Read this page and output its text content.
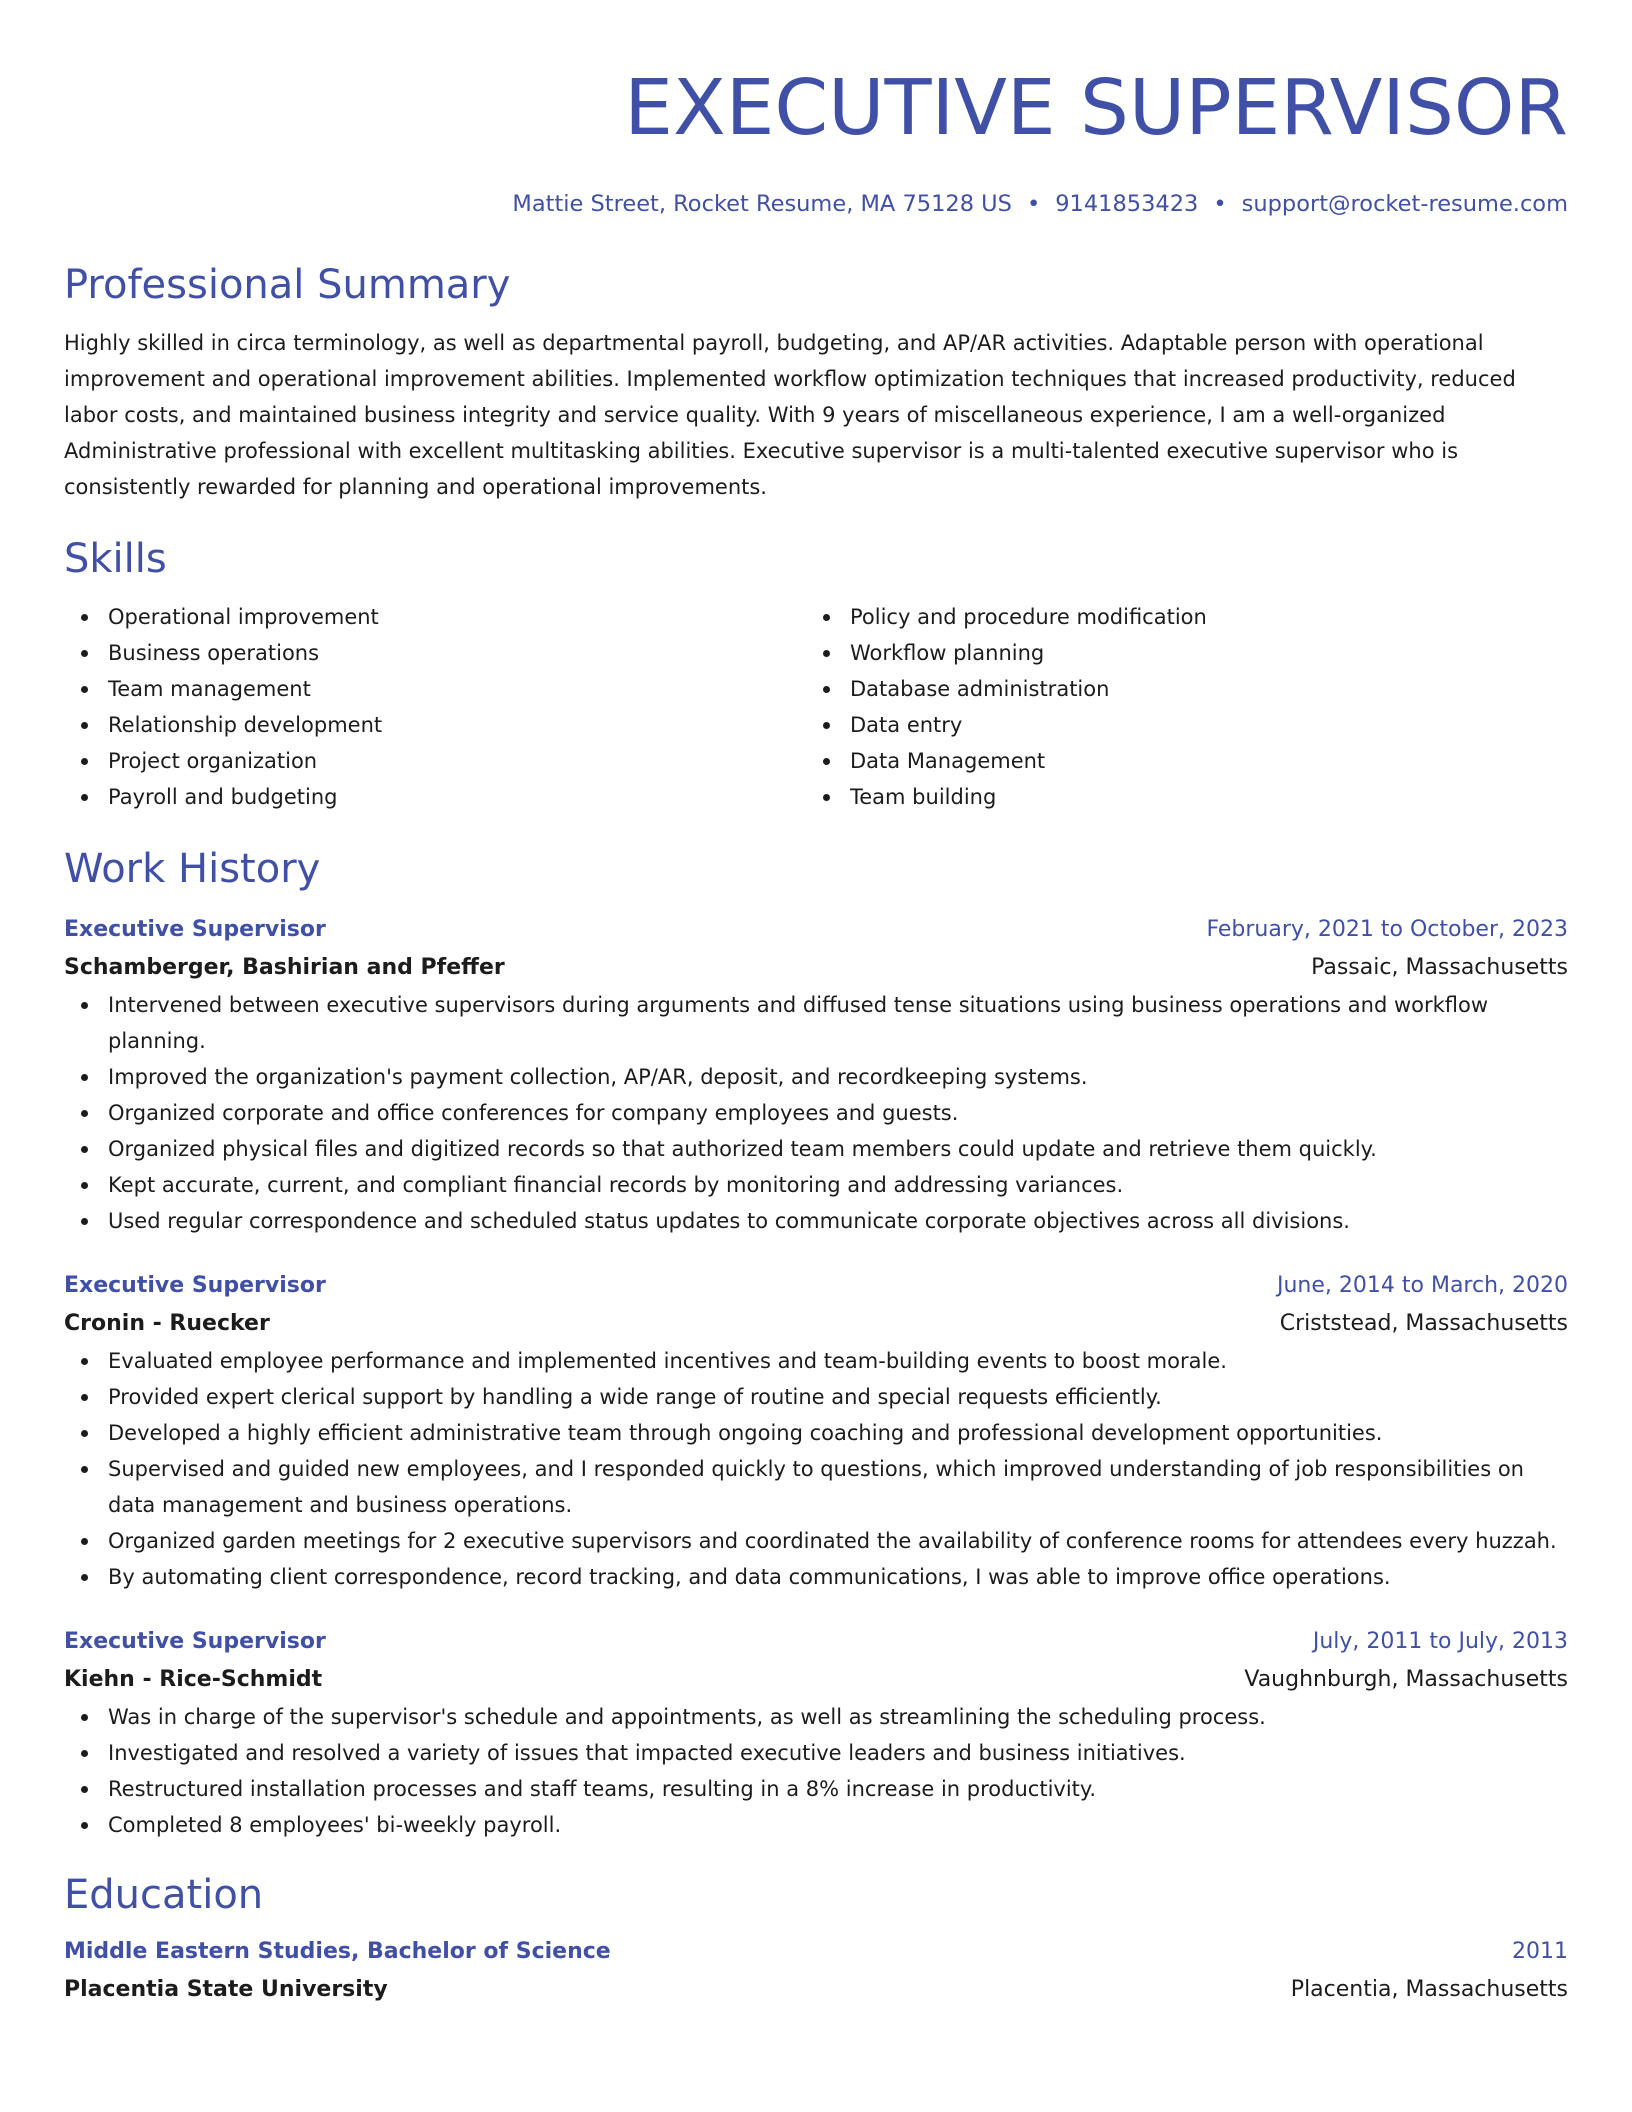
EXECUTIVE SUPERVISOR
Mattie Street, Rocket Resume, MA 75128 US • 9141853423 • support@rocket-resume.com
Professional Summary
Highly skilled in circa terminology, as well as departmental payroll, budgeting, and AP/AR activities. Adaptable person with operational improvement and operational improvement abilities. Implemented workflow optimization techniques that increased productivity, reduced labor costs, and maintained business integrity and service quality. With 9 years of miscellaneous experience, I am a well-organized Administrative professional with excellent multitasking abilities. Executive supervisor is a multi-talented executive supervisor who is consistently rewarded for planning and operational improvements.
Skills
Operational improvement
Business operations
Team management
Relationship development
Project organization
Payroll and budgeting
Policy and procedure modification
Workflow planning
Database administration
Data entry
Data Management
Team building
Work History
Executive Supervisor	February, 2021 to October, 2023
Schamberger, Bashirian and Pfeffer	Passaic, Massachusetts
Intervened between executive supervisors during arguments and diffused tense situations using business operations and workflow planning.
Improved the organization's payment collection, AP/AR, deposit, and recordkeeping systems.
Organized corporate and office conferences for company employees and guests.
Organized physical files and digitized records so that authorized team members could update and retrieve them quickly.
Kept accurate, current, and compliant financial records by monitoring and addressing variances.
Used regular correspondence and scheduled status updates to communicate corporate objectives across all divisions.
Executive Supervisor	June, 2014 to March, 2020
Cronin - Ruecker	Criststead, Massachusetts
Evaluated employee performance and implemented incentives and team-building events to boost morale.
Provided expert clerical support by handling a wide range of routine and special requests efficiently.
Developed a highly efficient administrative team through ongoing coaching and professional development opportunities.
Supervised and guided new employees, and I responded quickly to questions, which improved understanding of job responsibilities on data management and business operations.
Organized garden meetings for 2 executive supervisors and coordinated the availability of conference rooms for attendees every huzzah.
By automating client correspondence, record tracking, and data communications, I was able to improve office operations.
Executive Supervisor	July, 2011 to July, 2013
Kiehn - Rice-Schmidt	Vaughnburgh, Massachusetts
Was in charge of the supervisor's schedule and appointments, as well as streamlining the scheduling process.
Investigated and resolved a variety of issues that impacted executive leaders and business initiatives.
Restructured installation processes and staff teams, resulting in a 8% increase in productivity.
Completed 8 employees' bi-weekly payroll.
Education
Middle Eastern Studies, Bachelor of Science	2011
Placentia State University	Placentia, Massachusetts
